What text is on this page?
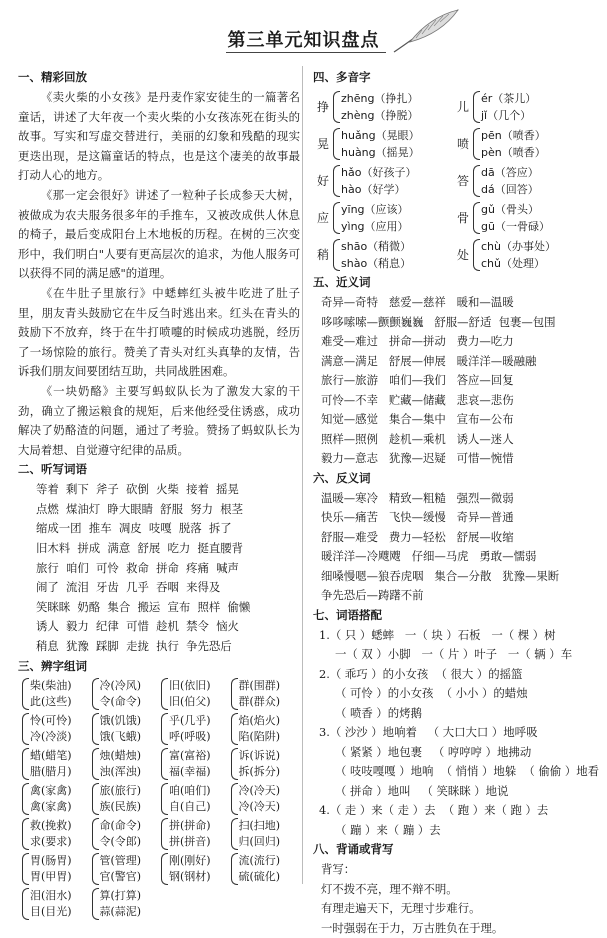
第三单元知识盘点
一、精彩回放

《卖火柴的小女孩》是丹麦作家安徒生的一篇著名童话，讲述了大年夜一个卖火柴的小女孩冻死在街头的故事。写实和写虚交替进行，美丽的幻象和残酷的现实更迭出现，是这篇童话的特点，也是这个凄美的故事最打动人心的地方。

《那一定会很好》讲述了一粒种子长成参天大树，被做成为农夫服务很多年的手推车，又被改成供人休息的椅子，最后变成阳台上木地板的历程。在树的三次变形中，我们明白"人要有更高层次的追求，为他人服务可以获得不同的满足感"的道理。

《在牛肚子里旅行》中蟋蟀红头被牛吃进了肚子里，朋友青头鼓励它在牛反刍时逃出来。红头在青头的鼓励下不放弃，终于在牛打喷嚏的时候成功逃脱，经历了一场惊险的旅行。赞美了青头对红头真挚的友情，告诉我们朋友间要团结互助，共同战胜困难。

《一块奶酪》主要写蚂蚁队长为了激发大家的干劲，确立了搬运粮食的规矩，后来他经受住诱惑，成功解决了奶酪渣的问题，通过了考验。赞扬了蚂蚁队长为大局着想、自觉遵守纪律的品质。

二、听写词语
等着  剩下  斧子  砍倒  火柴  接着  摇晃
点燃  煤油灯  睁大眼睛  舒服  努力  根茎
缩成一团  推车  凋皮  吱嘎  脱落  拆了
旧木料  拼成  满意  舒展  吃力  挺直腰背
旅行  咱们  可怜  救命  拼命  疼痛  喊声
闹了  流泪  牙齿  几乎  吞咽  来得及
笑眯眯  奶酪  集合  搬运  宣布  照样  偷懒
诱人  毅力  纪律  可惜  趁机  禁令  恼火
稍息  犹豫  踩脚  走拢  执行  争先恐后
三、辨字组词
柴(柴油)
此(这些)
冷(冷风)
令(命令)
旧(依旧)
旧(伯父)
群(围群)
群(群众)
怜(可怜)
冷(冷淡)
饿(饥饿)
饿(飞蛾)
乎(几乎)
呼(呼吸)
焰(焰火)
陷(陷阱)
蜡(蜡笔)
腊(腊月)
烛(蜡烛)
浊(浑浊)
富(富裕)
福(幸福)
诉(诉说)
拆(拆分)
禽(家禽)
禽(家禽)
旅(旅行)
族(民族)
咱(咱们)
自(自己)
冷(冷天)
冷(冷天)
救(挽救)
求(要求)
命(命令)
令(令郎)
拼(拼命)
拼(拼音)
扫(扫地)
归(回归)
胃(肠胃)
胃(甲胃)
管(管理)
官(警官)
刚(刚好)
钢(钢材)
流(流行)
硫(硫化)
泪(泪水)
目(目光)
算(打算)
蒜(蒜泥)
四、多音字
挣
zhēng（挣扎）
zhèng（挣脱）
儿
ér（茶儿）
jǐ（几个）
晃
huǎng（晃眼）
huàng（摇晃）
喷
pēn（喷香）
pèn（喷香）
好
hǎo（好孩子）
hào（好学）
答
dā（答应）
dá（回答）
应
yīng（应该）
yìng（应用）
骨
gǔ（骨头）
gū（一骨碌）
稍
shāo（稍微）
shào（稍息）
处
chù（办事处）
chǔ（处理）
五、近义词
奇异—奇特   慈爱—慈祥   暖和—温暖
哆哆嗦嗦—颤颤巍巍   舒服—舒适  包裹—包围
难受—难过   拼命—拼动   费力—吃力
满意—满足   舒展—伸展   暖洋洋—暖融融
旅行—旅游   咱们—我们   答应—回复
可怜—不幸   贮藏—储藏   悲哀—悲伤
知觉—感觉   集合—集中   宣布—公布
照样—照例   趁机—乘机   诱人—迷人
毅力—意志   犹豫—迟疑   可惜—惋惜
六、反义词
温暖—寒冷   精致—粗糙   强烈—微弱
快乐—痛苦   飞快—缓慢   奇异—普通
舒服—难受   费力—轻松   舒展—收缩
暖洋洋—冷飕飕   仔细—马虎   勇敢—懦弱
细嗓慢嗯—狼吞虎咽   集合—分散   犹豫—果断
争先恐后—踌躇不前
七、词语搭配
1.（ 只 ）蟋蟀   一（ 块 ）石板   一（ 棵 ）树
一（ 双 ）小脚   一（ 片 ）叶子   一（ 辆 ）车
2.（ 乖巧 ）的小女孩  （ 很大 ）的摇篮
（ 可怜 ）的小女孩  （ 小小 ）的蜡烛
（ 喷香 ）的烤鹅
3.（ 沙沙 ）地响着   （ 大口大口 ）地呼吸
（ 紧紧 ）地包裹   （ 哼哼哼 ）地拂动
（ 吱吱嘎嘎 ）地响  （ 悄悄 ）地躲  （ 偷偷 ）地看
（ 拼命 ）地叫   （ 笑眯眯 ）地说
4.（ 走 ）来（ 走 ）去  （ 跑 ）来（ 跑 ）去
（ 蹦 ）来（ 蹦 ）去
八、背诵或背写
背写：
灯不拨不亮，理不辩不明。
有理走遍天下，无理寸步难行。
一时强弱在于力，万古胜负在于理。
